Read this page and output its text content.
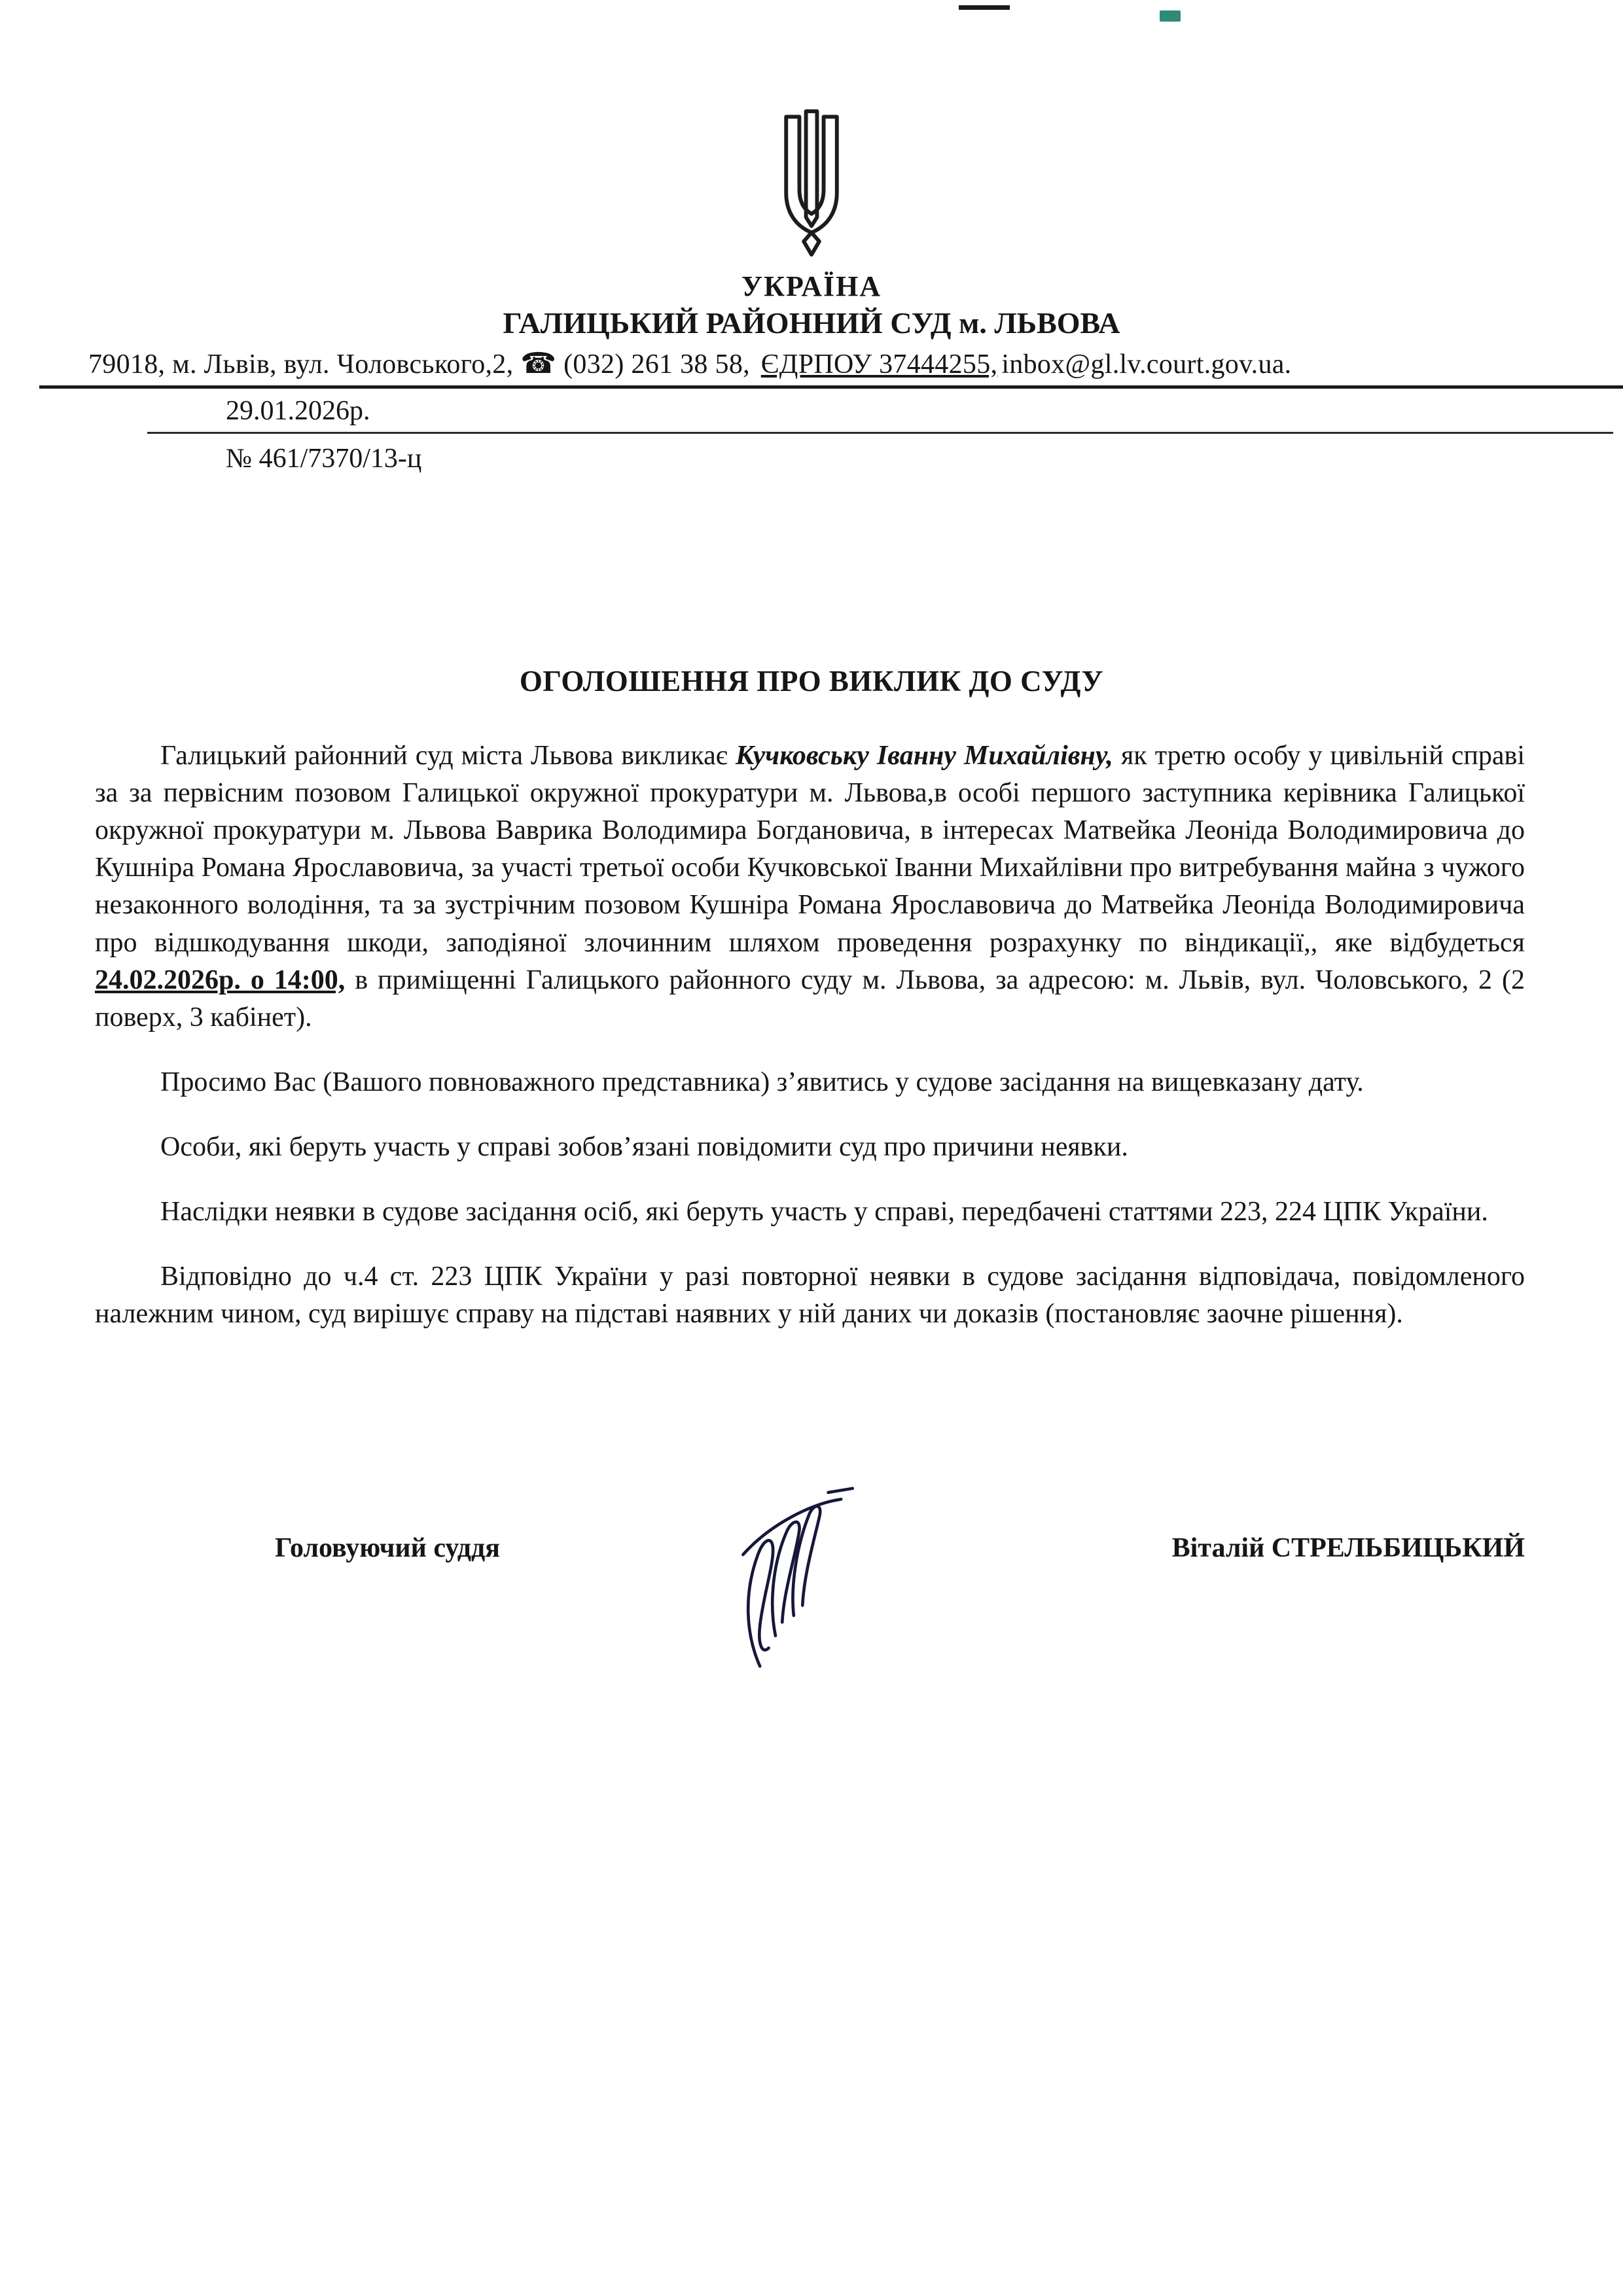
УКРАЇНА
ГАЛИЦЬКИЙ РАЙОННИЙ СУД м. ЛЬВОВА
79018, м. Львів, вул. Чоловського,2, ☎ (032) 261 38 58, ЄДРПОУ 37444255, inbox@gl.lv.court.gov.ua.
29.01.2026р.
№ 461/7370/13-ц
ОГОЛОШЕННЯ ПРО ВИКЛИК ДО СУДУ

Галицький районний суд міста Львова викликає Кучковську Іванну Михайлівну, як третю особу у цивільній справі за за первісним позовом Галицької окружної прокуратури м. Львова,в особі першого заступника керівника Галицької окружної прокуратури м. Львова Ваврика Володимира Богдановича, в інтересах Матвейка Леоніда Володимировича до Кушніра Романа Ярославовича, за участі третьої особи Кучковської Іванни Михайлівни про витребування майна з чужого незаконного володіння, та за зустрічним позовом Кушніра Романа Ярославовича до Матвейка Леоніда Володимировича про відшкодування шкоди, заподіяної злочинним шляхом проведення розрахунку по віндикації,, яке відбудеться 24.02.2026р. о 14:00, в приміщенні Галицького районного суду м. Львова, за адресою: м. Львів, вул. Чоловського, 2 (2 поверх, 3 кабінет).

Просимо Вас (Вашого повноважного представника) з’явитись у судове засідання на вищевказану дату.

Особи, які беруть участь у справі зобов’язані повідомити суд про причини неявки.

Наслідки неявки в судове засідання осіб, які беруть участь у справі, передбачені статтями 223, 224 ЦПК України.

Відповідно до ч.4 ст. 223 ЦПК України у разі повторної неявки в судове засідання відповідача, повідомленого належним чином, суд вирішує справу на підставі наявних у ній даних чи доказів (постановляє заочне рішення).

Головуючий суддя	Віталій СТРЕЛЬБИЦЬКИЙ
